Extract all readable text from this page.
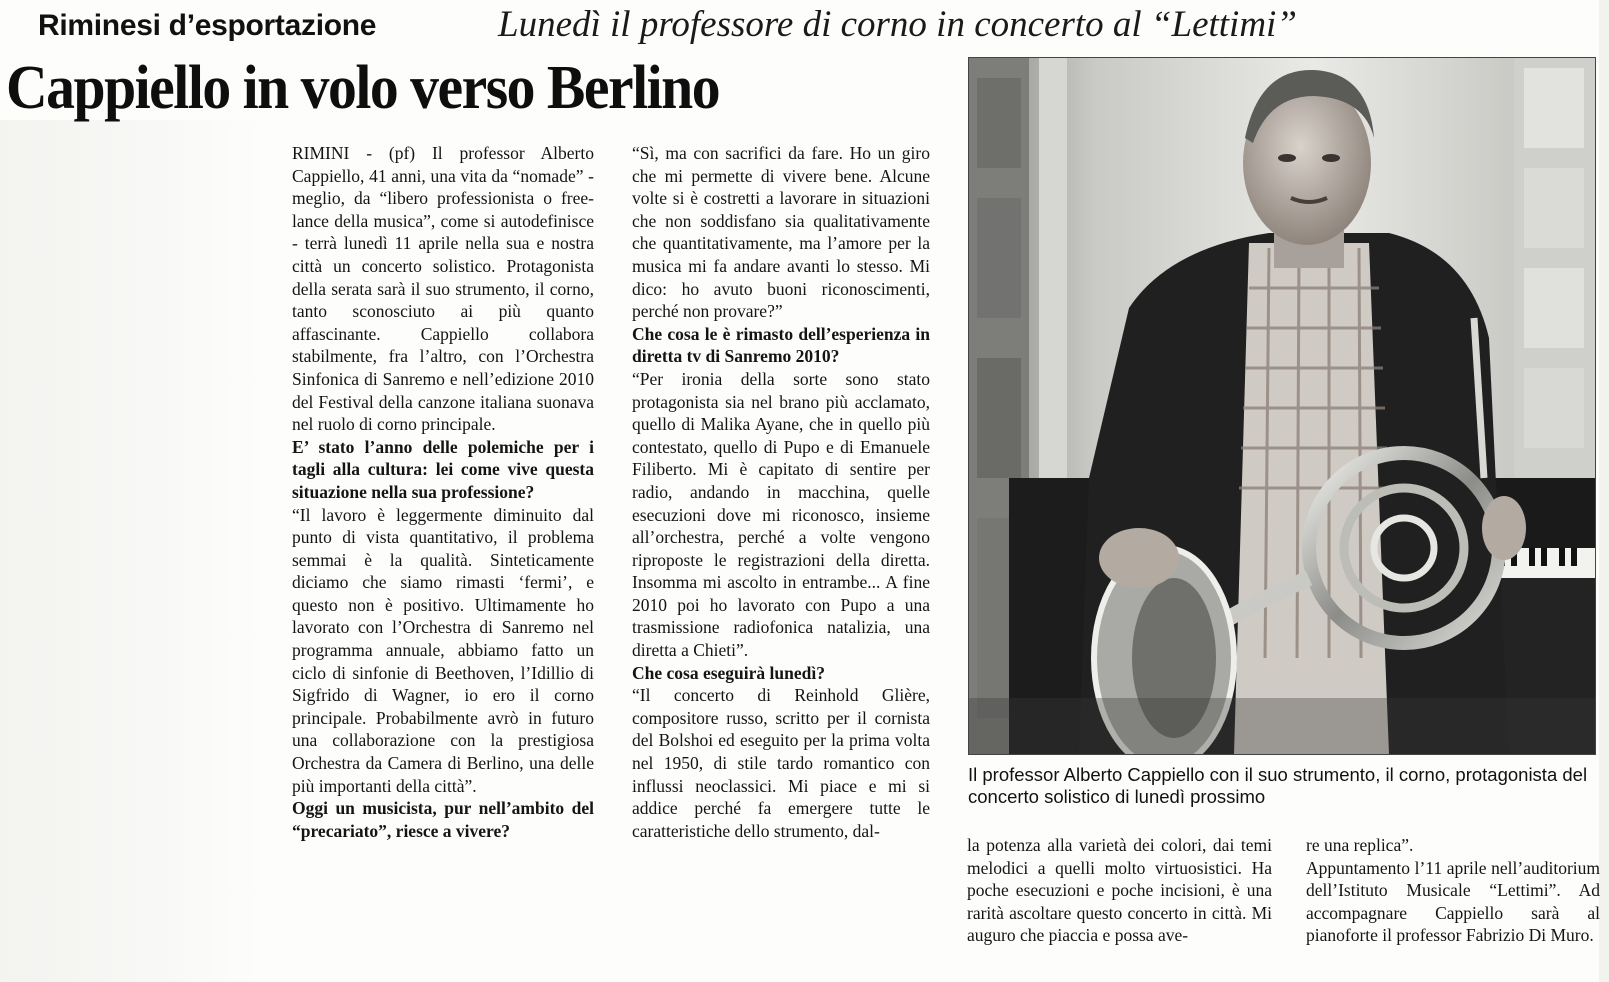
Riminesi d’esportazione	Lunedì il professore di corno in concerto al “Lettimi”
Cappiello in volo verso Berlino

RIMINI - (pf) Il professor Alberto Cappiello, 41 anni, una vita da “nomade” - meglio, da “libero professionista o free-lance della musica”, come si autodefinisce - terrà lunedì 11 aprile nella sua e nostra città un concerto solistico. Protagonista della serata sarà il suo strumento, il corno, tanto sconosciuto ai più quanto affascinante. Cappiello collabora stabilmente, fra l’altro, con l’Orchestra Sinfonica di Sanremo e nell’edizione 2010 del Festival della canzone italiana suonava nel ruolo di corno principale.

E’ stato l’anno delle polemiche per i tagli alla cultura: lei come vive questa situazione nella sua professione?

“Il lavoro è leggermente diminuito dal punto di vista quantitativo, il problema semmai è la qualità. Sinteticamente diciamo che siamo rimasti ‘fermi’, e questo non è positivo. Ultimamente ho lavorato con l’Orchestra di Sanremo nel programma annuale, abbiamo fatto un ciclo di sinfonie di Beethoven, l’Idillio di Sigfrido di Wagner, io ero il corno principale. Probabilmente avrò in futuro una collaborazione con la prestigiosa Orchestra da Camera di Berlino, una delle più importanti della città”.

Oggi un musicista, pur nell’ambito del “precariato”, riesce a vivere?

“Sì, ma con sacrifici da fare. Ho un giro che mi permette di vivere bene. Alcune volte si è costretti a lavorare in situazioni che non soddisfano sia qualitativamente che quantitativamente, ma l’amore per la musica mi fa andare avanti lo stesso. Mi dico: ho avuto buoni riconoscimenti, perché non provare?”

Che cosa le è rimasto dell’esperienza in diretta tv di Sanremo 2010?

“Per ironia della sorte sono stato protagonista sia nel brano più acclamato, quello di Malika Ayane, che in quello più contestato, quello di Pupo e di Emanuele Filiberto. Mi è capitato di sentire per radio, andando in macchina, quelle esecuzioni dove mi riconosco, insieme all’orchestra, perché a volte vengono riproposte le registrazioni della diretta. Insomma mi ascolto in entrambe... A fine 2010 poi ho lavorato con Pupo a una trasmissione radiofonica natalizia, una diretta a Chieti”.

Che cosa eseguirà lunedì?

“Il concerto di Reinhold Glière, compositore russo, scritto per il cornista del Bolshoi ed eseguito per la prima volta nel 1950, di stile tardo romantico con influssi neoclassici. Mi piace e mi si addice perché fa emergere tutte le caratteristiche dello strumento, dal-

la potenza alla varietà dei colori, dai temi melodici a quelli molto virtuosistici. Ha poche esecuzioni e poche incisioni, è una rarità ascoltare questo concerto in città. Mi auguro che piaccia e possa ave-

re una replica”.

Appuntamento l’11 aprile nell’auditorium dell’Istituto Musicale “Lettimi”. Ad accompagnare Cappiello sarà al pianoforte il professor Fabrizio Di Muro.

Il professor Alberto Cappiello con il suo strumento, il corno, protagonista del concerto solistico di lunedì prossimo
